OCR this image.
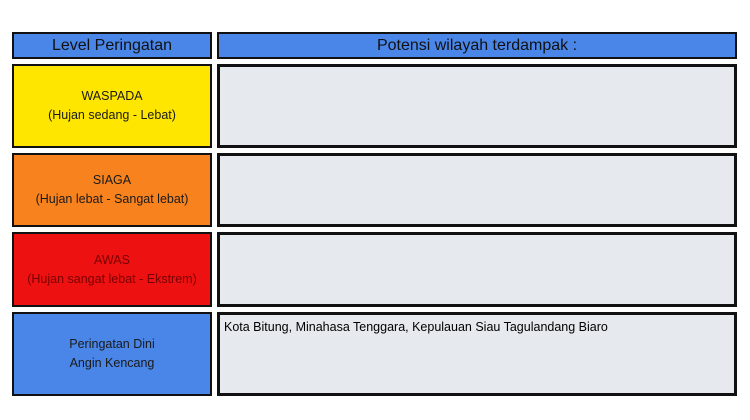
Level Peringatan	Potensi wilayah terdampak :
WASPADA
(Hujan sedang - Lebat)
SIAGA
(Hujan lebat - Sangat lebat)
AWAS
(Hujan sangat lebat - Ekstrem)
Peringatan Dini
Angin Kencang
Kota Bitung, Minahasa Tenggara, Kepulauan Siau Tagulandang Biaro
